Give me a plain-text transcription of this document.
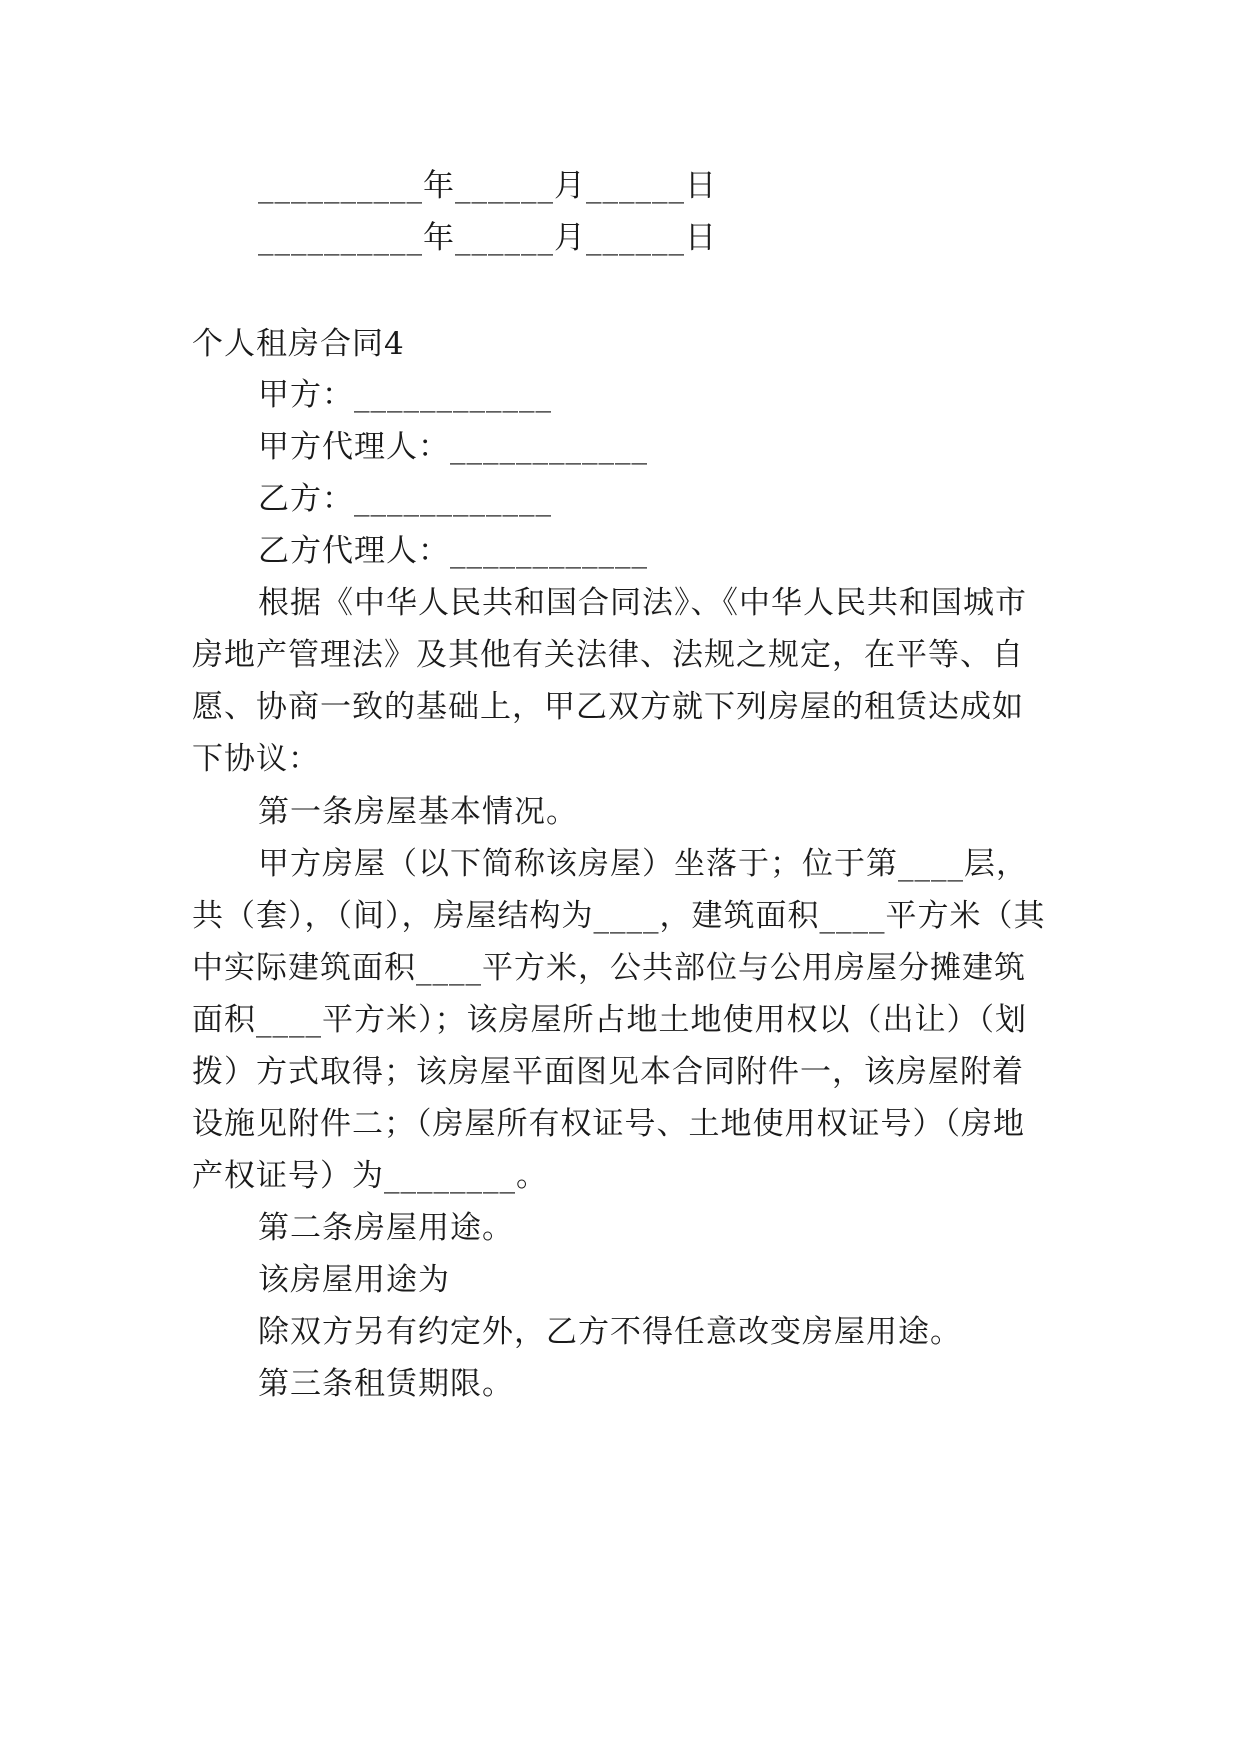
__________年______月______日
__________年______月______日
个人租房合同4
甲方：____________
甲方代理人：____________
乙方：____________
乙方代理人：____________
根据《中华人民共和国合同法》、《中华人民共和国城市
房地产管理法》及其他有关法律、法规之规定，在平等、自
愿、协商一致的基础上，甲乙双方就下列房屋的租赁达成如
下协议：
第一条房屋基本情况。
甲方房屋（以下简称该房屋）坐落于；位于第____层，
共（套），（间），房屋结构为____，建筑面积____平方米（其
中实际建筑面积____平方米，公共部位与公用房屋分摊建筑
面积____平方米）；该房屋所占地土地使用权以（出让）（划
拨）方式取得；该房屋平面图见本合同附件一，该房屋附着
设施见附件二；（房屋所有权证号、土地使用权证号）（房地
产权证号）为________。
第二条房屋用途。
该房屋用途为
除双方另有约定外，乙方不得任意改变房屋用途。
第三条租赁期限。
